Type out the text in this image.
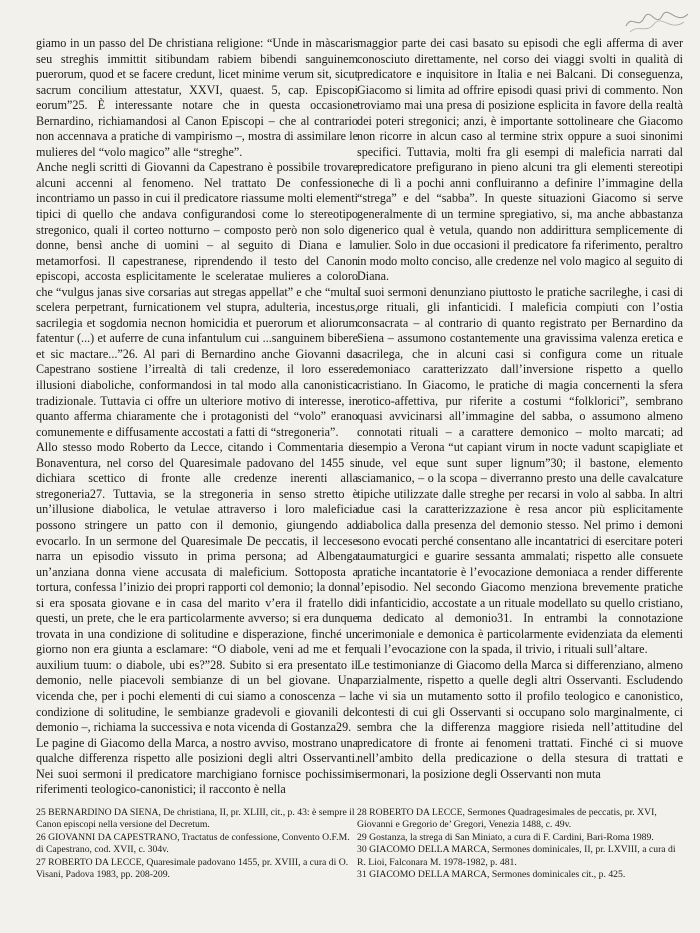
giamo in un passo del De christiana religione: “Unde in màscaris seu streghis immittit sitibundam rabiem bibendi sanguinem puerorum, quod et se facere credunt, licet minime verum sit, sicut sacrum concilium attestatur, XXVI, quaest. 5, cap. Episcopi eorum”25. È interessante notare che in questa occasione Bernardino, richiamandosi al Canon Episcopi – che al contrario non accennava a pratiche di vampirismo –, mostra di assimilare le mulieres del “volo magico” alle “streghe”.

Anche negli scritti di Giovanni da Capestrano è possibile trovare alcuni accenni al fenomeno. Nel trattato De confessione incontriamo un passo in cui il predicatore riassume molti elementi tipici di quello che andava configurandosi come lo stereotipo stregonico, quali il corteo notturno – composto però non solo di donne, bensì anche di uomini – al seguito di Diana e la metamorfosi. Il capestranese, riprendendo il testo del Canon episcopi, accosta esplicitamente le sceleratae mulieres a coloro che “vulgus janas sive corsarias aut stregas appellat” e che “multa scelera perpetrant, furnicationem vel stupra, adulteria, incestus, sacrilegia et sogdomia necnon homicidia et puerorum et aliorum fatentur (...) et auferre de cuna infantulum cui ...sanguinem bibere et sic mactare...”26. Al pari di Bernardino anche Giovanni da Capestrano sostiene l’irrealtà di tali credenze, il loro essere illusioni diaboliche, conformandosi in tal modo alla canonistica tradizionale. Tuttavia ci offre un ulteriore motivo di interesse, in quanto afferma chiaramente che i protagonisti del “volo” erano comunemente e diffusamente accostati a fatti di “stregoneria”.

Allo stesso modo Roberto da Lecce, citando i Commentaria di Bonaventura, nel corso del Quaresimale padovano del 1455 si dichiara scettico di fronte alle credenze inerenti alla stregoneria27. Tuttavia, se la stregoneria in senso stretto è un’illusione diabolica, le vetulae attraverso i loro maleficia possono stringere un patto con il demonio, giungendo ad evocarlo. In un sermone del Quaresimale De peccatis, il leccese narra un episodio vissuto in prima persona; ad Albenga un’anziana donna viene accusata di maleficium. Sottoposta a tortura, confessa l’inizio dei propri rapporti col demonio; la donna si era sposata giovane e in casa del marito v’era il fratello di questi, un prete, che le era particolarmente avverso; si era dunque trovata in una condizione di solitudine e disperazione, finché un giorno non era giunta a esclamare: “O diabole, veni ad me et fer auxilium tuum: o diabole, ubi es?”28. Subito si era presentato il demonio, nelle piacevoli sembianze di un bel giovane. Una vicenda che, per i pochi elementi di cui siamo a conoscenza – la condizione di solitudine, le sembianze gradevoli e giovanili del demonio –, richiama la successiva e nota vicenda di Gostanza29.

Le pagine di Giacomo della Marca, a nostro avviso, mostrano una qualche differenza rispetto alle posizioni degli altri Osservanti. Nei suoi sermoni il predicatore marchigiano fornisce pochissimi riferimenti teologico-canonistici; il racconto è nella

maggior parte dei casi basato su episodi che egli afferma di aver conosciuto direttamente, nel corso dei viaggi svolti in qualità di predicatore e inquisitore in Italia e nei Balcani. Di conseguenza, Giacomo si limita ad offrire episodi quasi privi di commento. Non troviamo mai una presa di posizione esplicita in favore della realtà dei poteri stregonici; anzi, è importante sottolineare che Giacomo non ricorre in alcun caso al termine strix oppure a suoi sinonimi specifici. Tuttavia, molti fra gli esempi di maleficia narrati dal predicatore prefigurano in pieno alcuni tra gli elementi stereotipi che di lì a pochi anni confluiranno a definire l’immagine della “strega” e del “sabba”. In queste situazioni Giacomo si serve generalmente di un termine spregiativo, si, ma anche abbastanza generico qual è vetula, quando non addirittura semplicemente di mulier. Solo in due occasioni il predicatore fa riferimento, peraltro in modo molto conciso, alle credenze nel volo magico al seguito di Diana.

I suoi sermoni denunziano piuttosto le pratiche sacrileghe, i casi di orge rituali, gli infanticidi. I maleficia compiuti con l’ostia consacrata – al contrario di quanto registrato per Bernardino da Siena – assumono costantemente una gravissima valenza eretica e sacrilega, che in alcuni casi si configura come un rituale demoniaco caratterizzato dall’inversione rispetto a quello cristiano. In Giacomo, le pratiche di magia concernenti la sfera erotico-affettiva, pur riferite a costumi “folklorici”, sembrano quasi avvicinarsi all’immagine del sabba, o assumono almeno connotati rituali – a carattere demonico – molto marcati; ad esempio a Verona “ut capiant virum in nocte vadunt scapigliate et nude, vel eque sunt super lignum”30; il bastone, elemento sciamanico, – o la scopa – diverranno presto una delle cavalcature tipiche utilizzate dalle streghe per recarsi in volo al sabba. In altri due casi la caratterizzazione è resa ancor più esplicitamente diabolica dalla presenza del demonio stesso. Nel primo i demoni sono evocati perché consentano alle incantatrici di esercitare poteri taumaturgici e guarire sessanta ammalati; rispetto alle consuete pratiche incantatorie è l’evocazione demoniaca a render differente l’episodio. Nel secondo Giacomo menziona brevemente pratiche di infanticidio, accostate a un rituale modellato su quello cristiano, ma dedicato al demonio31. In entrambi la connotazione cerimoniale e demonica è particolarmente evidenziata da elementi quali l’evocazione con la spada, il trivio, i rituali sull’altare.

Le testimonianze di Giacomo della Marca si differenziano, almeno parzialmente, rispetto a quelle degli altri Osservanti. Escludendo che vi sia un mutamento sotto il profilo teologico e canonistico, contesti di cui gli Osservanti si occupano solo marginalmente, ci sembra che la differenza maggiore risieda nell’attitudine del predicatore di fronte ai fenomeni trattati. Finché ci si muove nell’ambito della predicazione o della stesura di trattati e sermonari, la posizione degli Osservanti non muta

25 BERNARDINO DA SIENA, De christiana, II, pr. XLIII, cit., p. 43: è sempre il Canon episcopi nella versione del Decretum.
26 GIOVANNI DA CAPESTRANO, Tractatus de confessione, Convento O.F.M. di Capestrano, cod. XVII, c. 304v.
27 ROBERTO DA LECCE, Quaresimale padovano 1455, pr. XVIII, a cura di O. Visani, Padova 1983, pp. 208-209.
28 ROBERTO DA LECCE, Sermones Quadragesimales de peccatis, pr. XVI, Giovanni e Gregorio de’ Gregori, Venezia 1488, c. 49v.
29 Gostanza, la strega di San Miniato, a cura di F. Cardini, Bari-Roma 1989.
30 GIACOMO DELLA MARCA, Sermones dominicales, II, pr. LXVIII, a cura di R. Lioi, Falconara M. 1978-1982, p. 481.
31 GIACOMO DELLA MARCA, Sermones dominicales cit., p. 425.
